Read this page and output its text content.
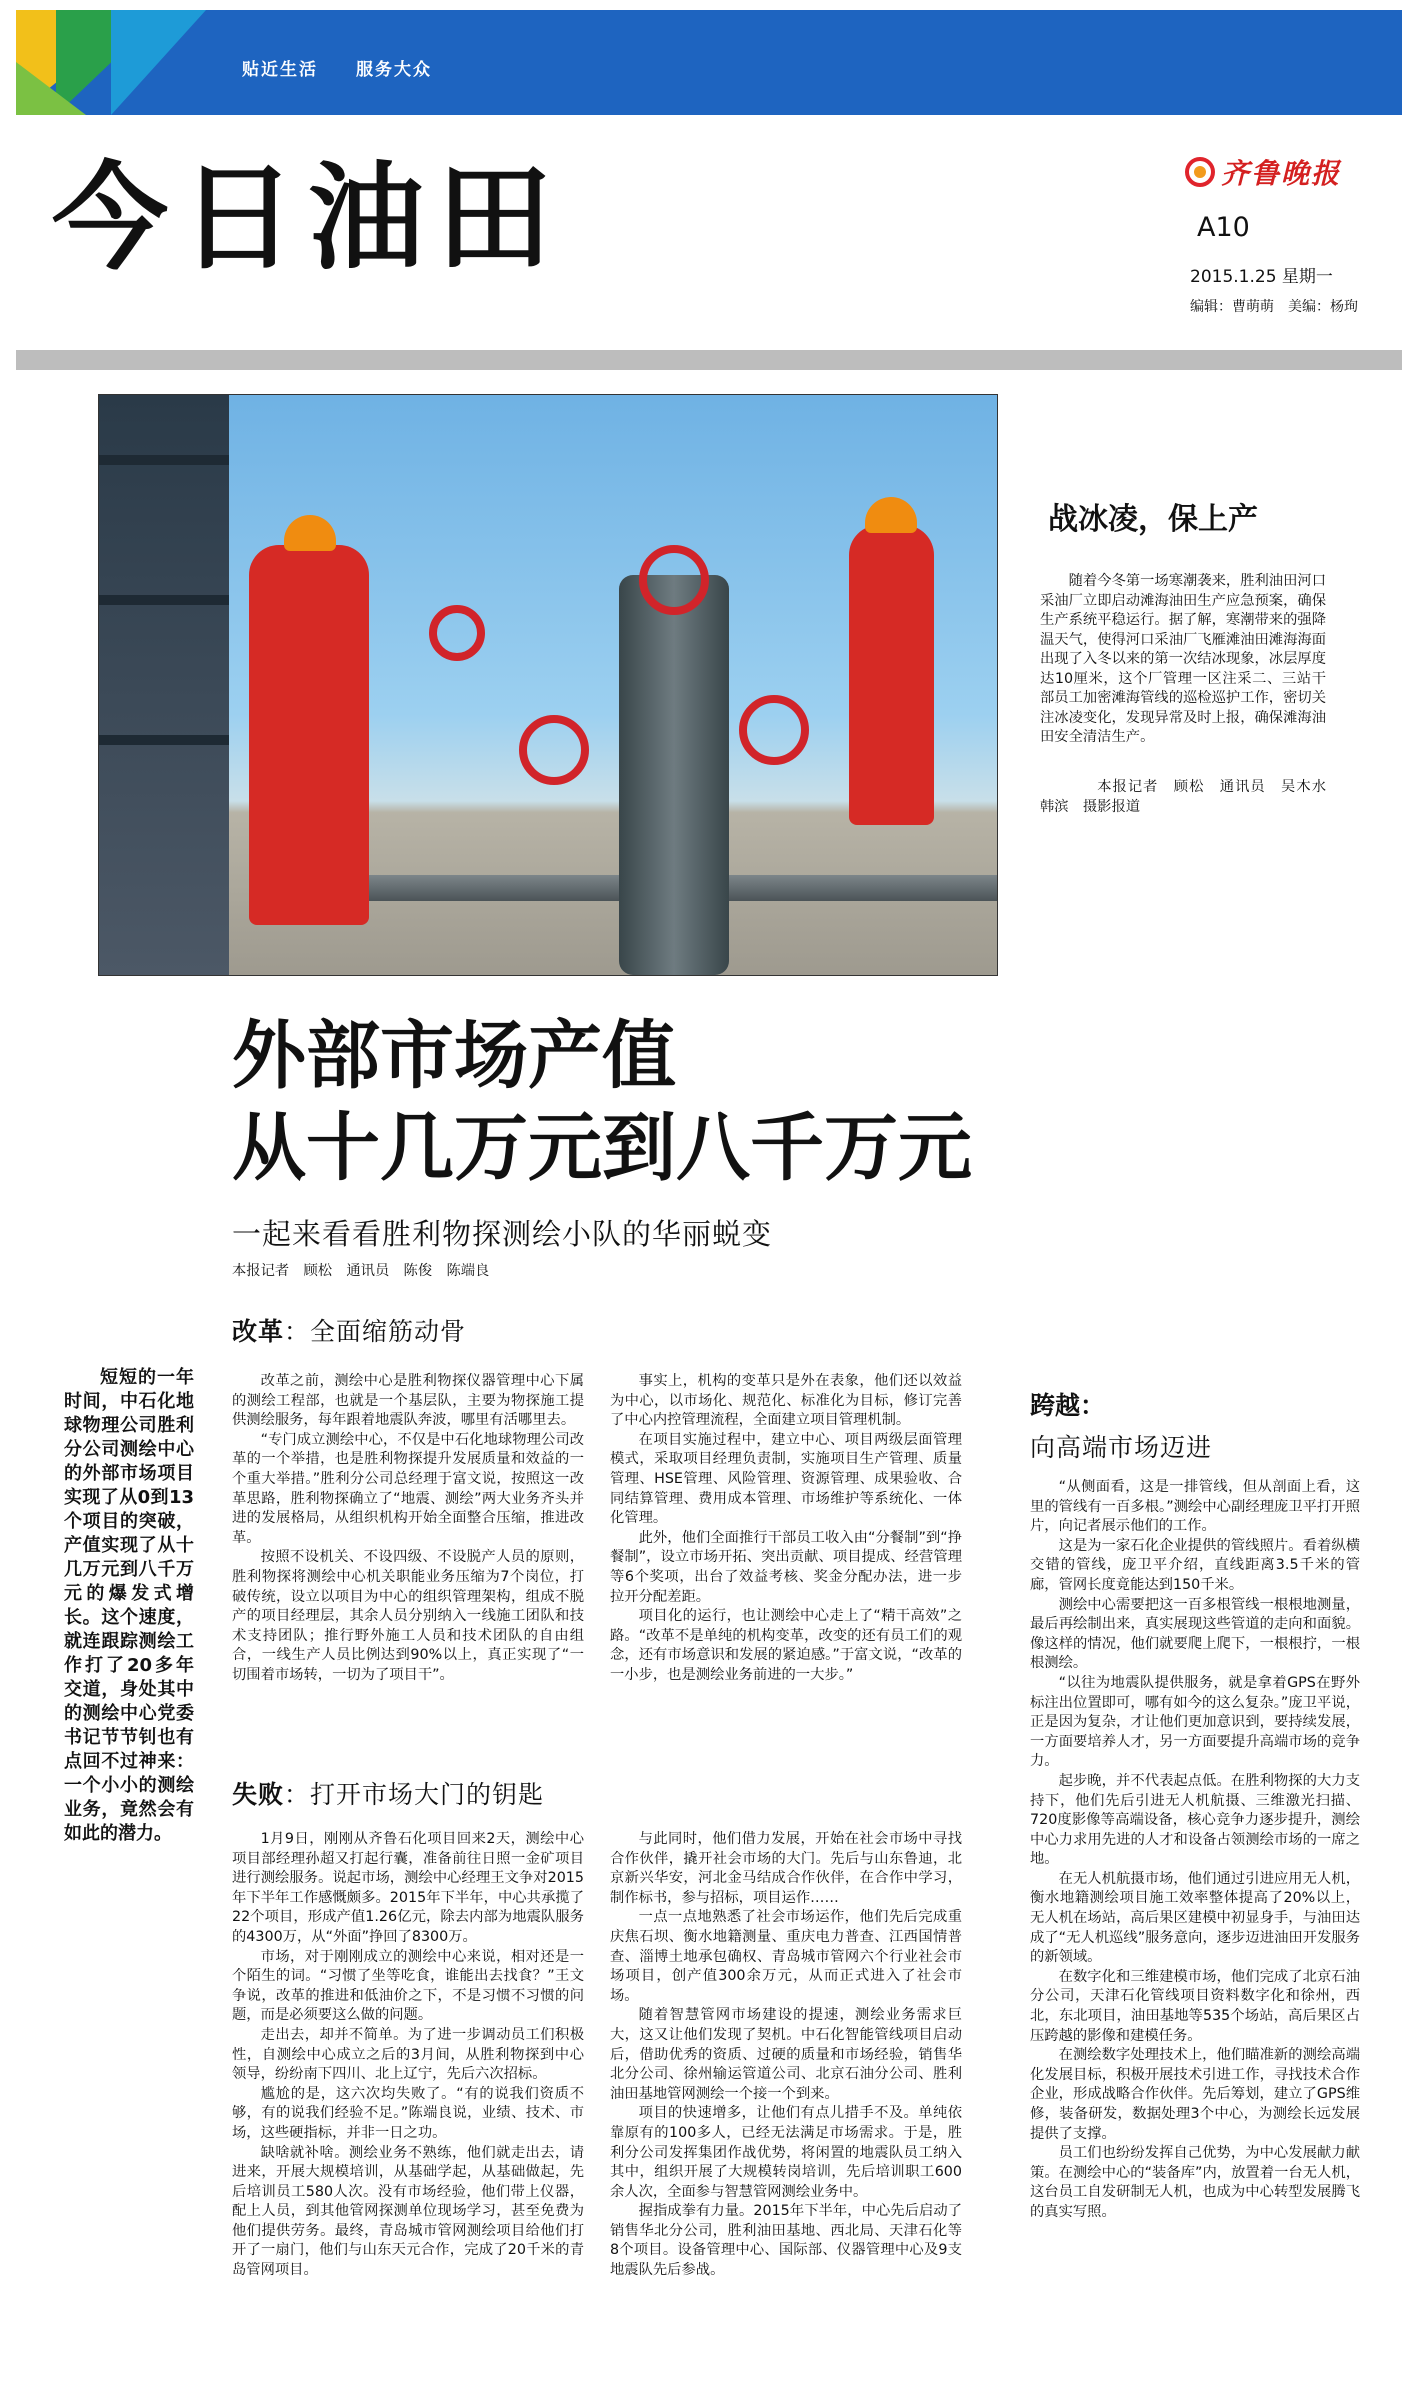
贴近生活　　服务大众
今日油田	齐鲁晚报
A10
2015.1.25 星期一
编辑：曹萌萌　美编：杨珣
战冰凌，保上产
随着今冬第一场寒潮袭来，胜利油田河口采油厂立即启动滩海油田生产应急预案，确保生产系统平稳运行。据了解，寒潮带来的强降温天气，使得河口采油厂飞雁滩油田滩海海面出现了入冬以来的第一次结冰现象，冰层厚度达10厘米，这个厂管理一区注采二、三站干部员工加密滩海管线的巡检巡护工作，密切关注冰凌变化，发现异常及时上报，确保滩海油田安全清洁生产。
本报记者　顾松　通讯员　吴木水　韩滨　摄影报道
外部市场产值
从十几万元到八千万元
一起来看看胜利物探测绘小队的华丽蜕变
本报记者　顾松　通讯员　陈俊　陈端良
短短的一年时间，中石化地球物理公司胜利分公司测绘中心的外部市场项目实现了从0到13个项目的突破，产值实现了从十几万元到八千万元的爆发式增长。这个速度，就连跟踪测绘工作打了20多年交道，身处其中的测绘中心党委书记节节钊也有点回不过神来：一个小小的测绘业务，竟然会有如此的潜力。
改革：全面缩筋动骨

改革之前，测绘中心是胜利物探仪器管理中心下属的测绘工程部，也就是一个基层队，主要为物探施工提供测绘服务，每年跟着地震队奔波，哪里有活哪里去。

“专门成立测绘中心，不仅是中石化地球物理公司改革的一个举措，也是胜利物探提升发展质量和效益的一个重大举措。”胜利分公司总经理于富文说，按照这一改革思路，胜利物探确立了“地震、测绘”两大业务齐头并进的发展格局，从组织机构开始全面整合压缩，推进改革。

按照不设机关、不设四级、不设脱产人员的原则，胜利物探将测绘中心机关职能业务压缩为7个岗位，打破传统，设立以项目为中心的组织管理架构，组成不脱产的项目经理层，其余人员分别纳入一线施工团队和技术支持团队；推行野外施工人员和技术团队的自由组合，一线生产人员比例达到90%以上，真正实现了“一切围着市场转，一切为了项目干”。

事实上，机构的变革只是外在表象，他们还以效益为中心，以市场化、规范化、标准化为目标，修订完善了中心内控管理流程，全面建立项目管理机制。

在项目实施过程中，建立中心、项目两级层面管理模式，采取项目经理负责制，实施项目生产管理、质量管理、HSE管理、风险管理、资源管理、成果验收、合同结算管理、费用成本管理、市场维护等系统化、一体化管理。

此外，他们全面推行干部员工收入由“分餐制”到“挣餐制”，设立市场开拓、突出贡献、项目提成、经营管理等6个奖项，出台了效益考核、奖金分配办法，进一步拉开分配差距。

项目化的运行，也让测绘中心走上了“精干高效”之路。“改革不是单纯的机构变革，改变的还有员工们的观念，还有市场意识和发展的紧迫感。”于富文说，“改革的一小步，也是测绘业务前进的一大步。”

失败：打开市场大门的钥匙

1月9日，刚刚从齐鲁石化项目回来2天，测绘中心项目部经理孙超又打起行囊，准备前往日照一金矿项目进行测绘服务。说起市场，测绘中心经理王文争对2015年下半年工作感慨颇多。2015年下半年，中心共承揽了22个项目，形成产值1.26亿元，除去内部为地震队服务的4300万，从“外面”挣回了8300万。

市场，对于刚刚成立的测绘中心来说，相对还是一个陌生的词。“习惯了坐等吃食，谁能出去找食？”王文争说，改革的推进和低油价之下，不是习惯不习惯的问题，而是必须要这么做的问题。

走出去，却并不简单。为了进一步调动员工们积极性，自测绘中心成立之后的3月间，从胜利物探到中心领导，纷纷南下四川、北上辽宁，先后六次招标。

尴尬的是，这六次均失败了。“有的说我们资质不够，有的说我们经验不足。”陈端良说，业绩、技术、市场，这些硬指标，并非一日之功。

缺啥就补啥。测绘业务不熟练，他们就走出去，请进来，开展大规模培训，从基础学起，从基础做起，先后培训员工580人次。没有市场经验，他们带上仪器，配上人员，到其他管网探测单位现场学习，甚至免费为他们提供劳务。最终，青岛城市管网测绘项目给他们打开了一扇门，他们与山东天元合作，完成了20千米的青岛管网项目。

与此同时，他们借力发展，开始在社会市场中寻找合作伙伴，撬开社会市场的大门。先后与山东鲁迪，北京新兴华安，河北金马结成合作伙伴，在合作中学习，制作标书，参与招标，项目运作……

一点一点地熟悉了社会市场运作，他们先后完成重庆焦石坝、衡水地籍测量、重庆电力普查、江西国情普查、淄博土地承包确权、青岛城市管网六个行业社会市场项目，创产值300余万元，从而正式进入了社会市场。

随着智慧管网市场建设的提速，测绘业务需求巨大，这又让他们发现了契机。中石化智能管线项目启动后，借助优秀的资质、过硬的质量和市场经验，销售华北分公司、徐州输运管道公司、北京石油分公司、胜利油田基地管网测绘一个接一个到来。

项目的快速增多，让他们有点儿措手不及。单纯依靠原有的100多人，已经无法满足市场需求。于是，胜利分公司发挥集团作战优势，将闲置的地震队员工纳入其中，组织开展了大规模转岗培训，先后培训职工600余人次，全面参与智慧管网测绘业务中。

握指成拳有力量。2015年下半年，中心先后启动了销售华北分公司，胜利油田基地、西北局、天津石化等8个项目。设备管理中心、国际部、仪器管理中心及9支地震队先后参战。

跨越：
向高端市场迈进

“从侧面看，这是一排管线，但从剖面上看，这里的管线有一百多根。”测绘中心副经理庞卫平打开照片，向记者展示他们的工作。

这是为一家石化企业提供的管线照片。看着纵横交错的管线，庞卫平介绍，直线距离3.5千米的管廊，管网长度竟能达到150千米。

测绘中心需要把这一百多根管线一根根地测量，最后再绘制出来，真实展现这些管道的走向和面貌。像这样的情况，他们就要爬上爬下，一根根拧，一根根测绘。

“以往为地震队提供服务，就是拿着GPS在野外标注出位置即可，哪有如今的这么复杂。”庞卫平说，正是因为复杂，才让他们更加意识到，要持续发展，一方面要培养人才，另一方面要提升高端市场的竞争力。

起步晚，并不代表起点低。在胜利物探的大力支持下，他们先后引进无人机航摄、三维激光扫描、720度影像等高端设备，核心竞争力逐步提升，测绘中心力求用先进的人才和设备占领测绘市场的一席之地。

在无人机航摄市场，他们通过引进应用无人机，衡水地籍测绘项目施工效率整体提高了20%以上，无人机在场站，高后果区建模中初显身手，与油田达成了“无人机巡线”服务意向，逐步迈进油田开发服务的新领域。

在数字化和三维建模市场，他们完成了北京石油分公司，天津石化管线项目资料数字化和徐州，西北，东北项目，油田基地等535个场站，高后果区占压跨越的影像和建模任务。

在测绘数字处理技术上，他们瞄准新的测绘高端化发展目标，积极开展技术引进工作，寻找技术合作企业，形成战略合作伙伴。先后筹划，建立了GPS维修，装备研发，数据处理3个中心，为测绘长远发展提供了支撑。

员工们也纷纷发挥自己优势，为中心发展献力献策。在测绘中心的“装备库”内，放置着一台无人机，这台员工自发研制无人机，也成为中心转型发展腾飞的真实写照。
